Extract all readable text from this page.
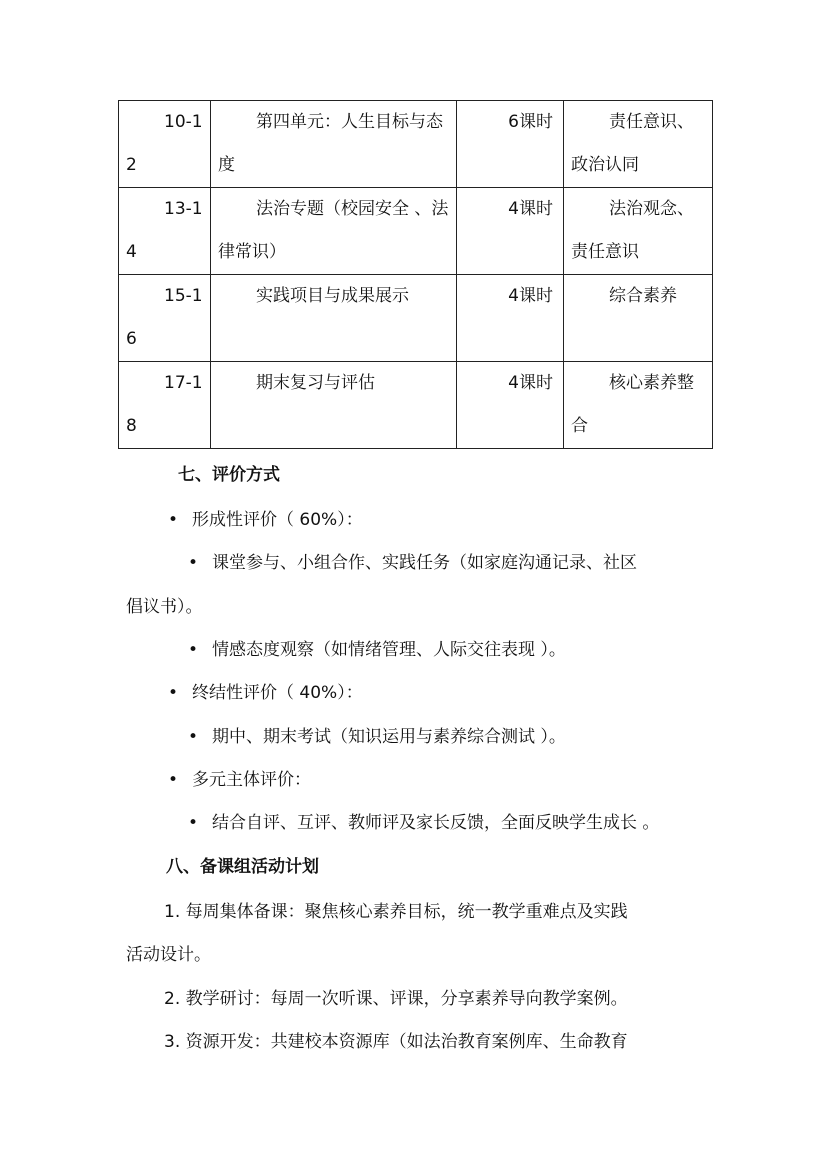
10-12	第四单元：人生目标与态度	6课时	责任意识、政治认同

13-14	法治专题（校园安全 、法律常识）	4课时	法治观念、责任意识

15-16	实践项目与成果展示	4课时	综合素养

17-18	期末复习与评估	4课时	核心素养整合
七、评价方式
• 形成性评价（ 60%）：
• 课堂参与、小组合作、实践任务（如家庭沟通记录、社区
倡议书）。
• 情感态度观察（如情绪管理、人际交往表现 ）。
• 终结性评价（ 40%）：
• 期中、期末考试（知识运用与素养综合测试 ）。
• 多元主体评价：
• 结合自评、互评、教师评及家长反馈，全面反映学生成长 。
八、备课组活动计划
1. 每周集体备课：聚焦核心素养目标，统一教学重难点及实践
活动设计。
2. 教学研讨：每周一次听课、评课，分享素养导向教学案例。
3. 资源开发：共建校本资源库（如法治教育案例库、生命教育
